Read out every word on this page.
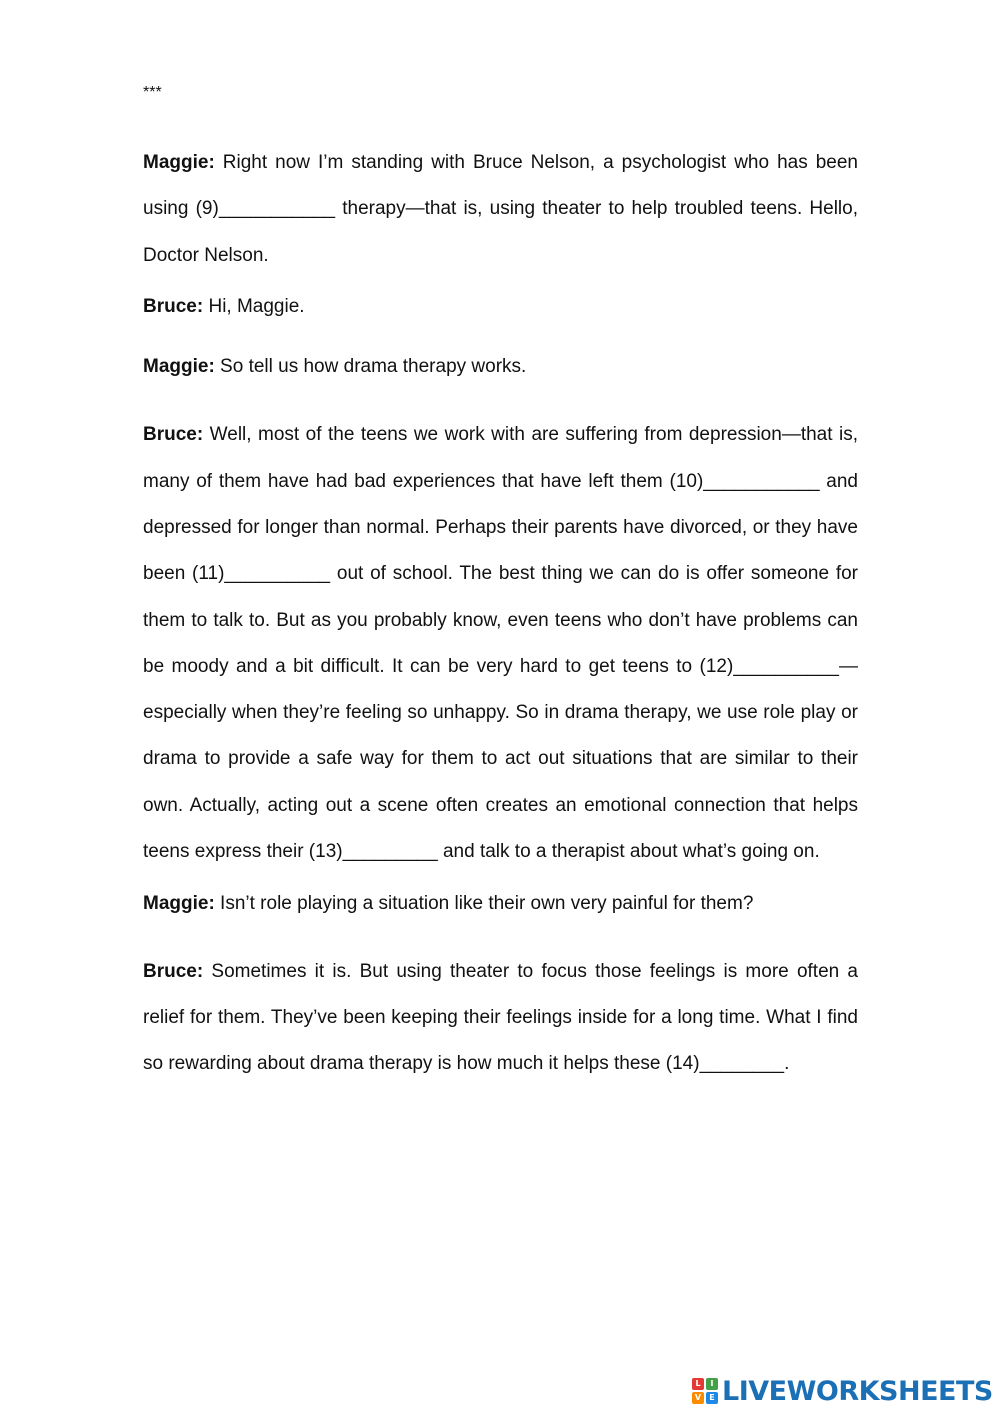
***

Maggie: Right now I’m standing with Bruce Nelson, a psychologist who has been using (9)___________ therapy—that is, using theater to help troubled teens. Hello, Doctor Nelson.

Bruce: Hi, Maggie.

Maggie: So tell us how drama therapy works.

Bruce: Well, most of the teens we work with are suffering from depression—that is, many of them have had bad experiences that have left them (10)___________ and depressed for longer than normal. Perhaps their parents have divorced, or they have been (11)__________ out of school. The best thing we can do is offer someone for them to talk to. But as you probably know, even teens who don’t have problems can be moody and a bit difficult. It can be very hard to get teens to (12)__________—especially when they’re feeling so unhappy. So in drama therapy, we use role play or drama to provide a safe way for them to act out situations that are similar to their own. Actually, acting out a scene often creates an emotional connection that helps teens express their (13)_________ and talk to a therapist about what’s going on.

Maggie: Isn’t role playing a situation like their own very painful for them?

Bruce: Sometimes it is. But using theater to focus those feelings is more often a relief for them. They’ve been keeping their feelings inside for a long time. What I find so rewarding about drama therapy is how much it helps these (14)________.

L	I
V	E LIVEWORKSHEETS
